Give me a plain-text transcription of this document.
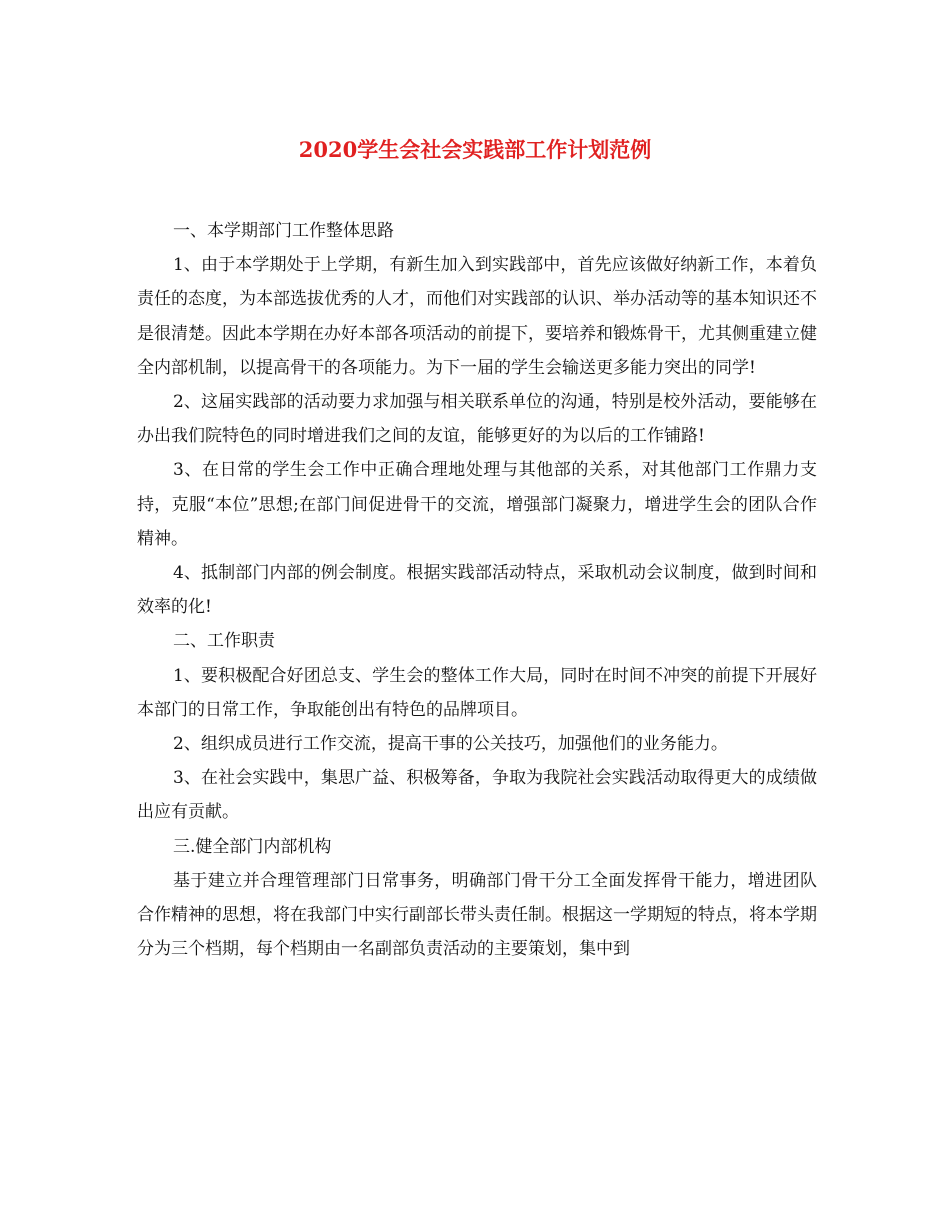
2020学生会社会实践部工作计划范例

一、本学期部门工作整体思路

1、由于本学期处于上学期，有新生加入到实践部中，首先应该做好纳新工作，本着负责任的态度，为本部选拔优秀的人才，而他们对实践部的认识、举办活动等的基本知识还不是很清楚。因此本学期在办好本部各项活动的前提下，要培养和锻炼骨干，尤其侧重建立健全内部机制，以提高骨干的各项能力。为下一届的学生会输送更多能力突出的同学!

2、这届实践部的活动要力求加强与相关联系单位的沟通，特别是校外活动，要能够在办出我们院特色的同时增进我们之间的友谊，能够更好的为以后的工作铺路!

3、在日常的学生会工作中正确合理地处理与其他部的关系，对其他部门工作鼎力支持，克服“本位”思想;在部门间促进骨干的交流，增强部门凝聚力，增进学生会的团队合作精神。

4、抵制部门内部的例会制度。根据实践部活动特点，采取机动会议制度，做到时间和效率的化!

二、工作职责

1、要积极配合好团总支、学生会的整体工作大局，同时在时间不冲突的前提下开展好本部门的日常工作，争取能创出有特色的品牌项目。

2、组织成员进行工作交流，提高干事的公关技巧，加强他们的业务能力。

3、在社会实践中，集思广益、积极筹备，争取为我院社会实践活动取得更大的成绩做出应有贡献。

三.健全部门内部机构

基于建立并合理管理部门日常事务，明确部门骨干分工全面发挥骨干能力，增进团队合作精神的思想，将在我部门中实行副部长带头责任制。根据这一学期短的特点，将本学期分为三个档期，每个档期由一名副部负责活动的主要策划，集中到
